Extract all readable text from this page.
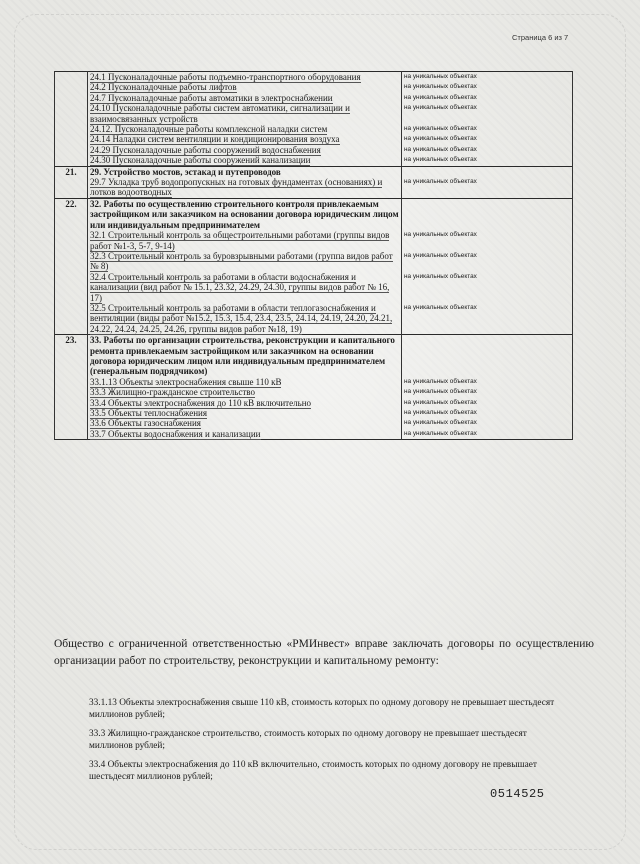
Страница 6 из 7
	24.1 Пусконаладочные работы подъемно-транспортного оборудования	на уникальных объектах
	24.2 Пусконаладочные работы лифтов	на уникальных объектах
	24.7 Пусконаладочные работы автоматики в электроснабжении	на уникальных объектах
	24.10 Пусконаладочные работы систем автоматики, сигнализации и взаимосвязанных устройств	на уникальных объектах
	24.12. Пусконаладочные работы комплексной наладки систем	на уникальных объектах
	24.14 Наладки систем вентиляции и кондиционирования воздуха	на уникальных объектах
	24.29 Пусконаладочные работы сооружений водоснабжения	на уникальных объектах
	24.30 Пусконаладочные работы сооружений канализации	на уникальных объектах
21.	29. Устройство мостов, эстакад и путепроводов	
	29.7 Укладка труб водопропускных на готовых фундаментах (основаниях) и лотков водоотводных	на уникальных объектах
22.	32. Работы по осуществлению строительного контроля привлекаемым застройщиком или заказчиком на основании договора юридическим лицом или индивидуальным предпринимателем	
	32.1 Строительный контроль за общестроительными работами (группы видов работ №1-3, 5-7, 9-14)	на уникальных объектах
	32.3 Строительный контроль за буровзрывными работами (группа видов работ № 8)	на уникальных объектах
	32.4 Строительный контроль за работами в области водоснабжения и канализации (вид работ № 15.1, 23.32, 24.29, 24.30, группы видов работ № 16, 17)	на уникальных объектах
	32.5 Строительный контроль за работами в области теплогазоснабжения и вентиляции (виды работ №15.2, 15.3, 15.4, 23.4, 23.5, 24.14, 24.19, 24.20, 24.21, 24.22, 24.24, 24.25, 24.26, группы видов работ №18, 19)	на уникальных объектах
23.	33. Работы по организации строительства, реконструкции и капитального ремонта привлекаемым застройщиком или заказчиком на основании договора юридическим лицом или индивидуальным предпринимателем (генеральным подрядчиком)	
	33.1.13 Объекты электроснабжения свыше 110 кВ	на уникальных объектах
	33.3 Жилищно-гражданское строительство	на уникальных объектах
	33.4 Объекты электроснабжения до 110 кВ включительно	на уникальных объектах
	33.5 Объекты теплоснабжения	на уникальных объектах
	33.6 Объекты газоснабжения	на уникальных объектах
	33.7 Объекты водоснабжения и канализации	на уникальных объектах
Общество с ограниченной ответственностью «РМИнвест» вправе заключать договоры по осуществлению организации работ по строительству, реконструкции и капитальному ремонту:

33.1.13 Объекты электроснабжения свыше 110 кВ, стоимость которых по одному договору не превышает шестьдесят миллионов рублей;

33.3 Жилищно-гражданское строительство, стоимость которых по одному договору не превышает шестьдесят миллионов рублей;

33.4 Объекты электроснабжения до 110 кВ включительно, стоимость которых по одному договору не превышает шестьдесят миллионов рублей;

0514525
